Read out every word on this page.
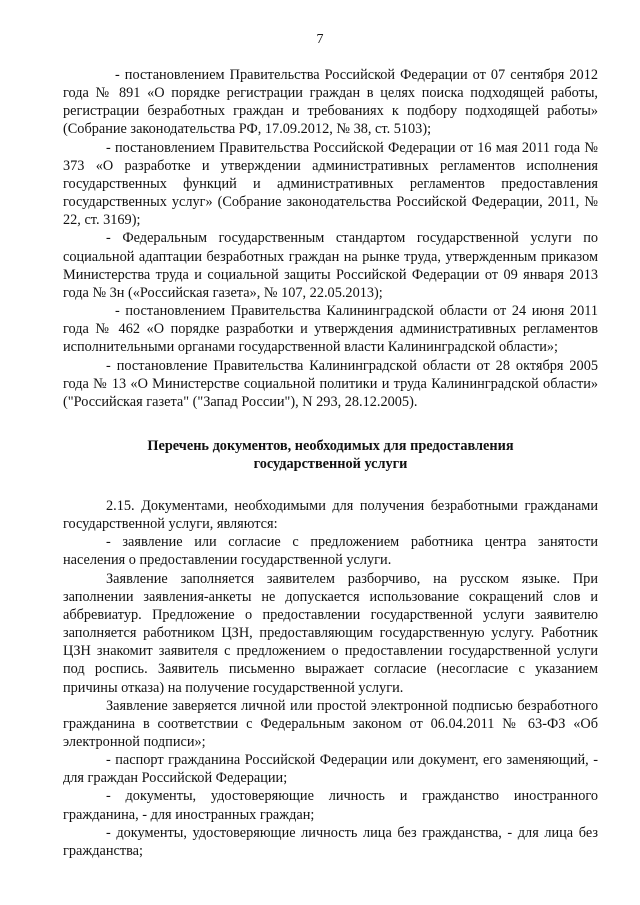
7

- постановлением Правительства Российской Федерации от 07 сентября 2012 года № 891 «О порядке регистрации граждан в целях поиска подходящей работы, регистрации безработных граждан и требованиях к подбору подходящей работы» (Собрание законодательства РФ, 17.09.2012, № 38, ст. 5103);

- постановлением Правительства Российской Федерации от 16 мая 2011 года № 373 «О разработке и утверждении административных регламентов исполнения государственных функций и административных регламентов предоставления государственных услуг» (Собрание законодательства Российской Федерации, 2011, № 22, ст. 3169);

- Федеральным государственным стандартом государственной услуги по социальной адаптации безработных граждан на рынке труда, утвержденным приказом Министерства труда и социальной защиты Российской Федерации от 09 января 2013 года № 3н («Российская газета», № 107, 22.05.2013);

- постановлением Правительства Калининградской области от 24 июня 2011 года № 462 «О порядке разработки и утверждения административных регламентов исполнительными органами государственной власти Калининградской области»;

- постановление Правительства Калининградской области от 28 октября 2005 года № 13 «О Министерстве социальной политики и труда Калининградской области» ("Российская газета" ("Запад России"), N 293, 28.12.2005).

Перечень документов, необходимых для предоставления
государственной услуги

2.15. Документами, необходимыми для получения безработными гражданами государственной услуги, являются:

- заявление или согласие с предложением работника центра занятости населения о предоставлении государственной услуги.

Заявление заполняется заявителем разборчиво, на русском языке. При заполнении заявления-анкеты не допускается использование сокращений слов и аббревиатур. Предложение о предоставлении государственной услуги заявителю заполняется работником ЦЗН, предоставляющим государственную услугу. Работник ЦЗН знакомит заявителя с предложением о предоставлении государственной услуги под роспись. Заявитель письменно выражает согласие (несогласие с указанием причины отказа) на получение государственной услуги.

Заявление заверяется личной или простой электронной подписью безработного гражданина в соответствии с Федеральным законом от 06.04.2011 № 63-ФЗ «Об электронной подписи»;

- паспорт гражданина Российской Федерации или документ, его заменяющий, - для граждан Российской Федерации;

- документы, удостоверяющие личность и гражданство иностранного гражданина, - для иностранных граждан;

- документы, удостоверяющие личность лица без гражданства, - для лица без гражданства;
